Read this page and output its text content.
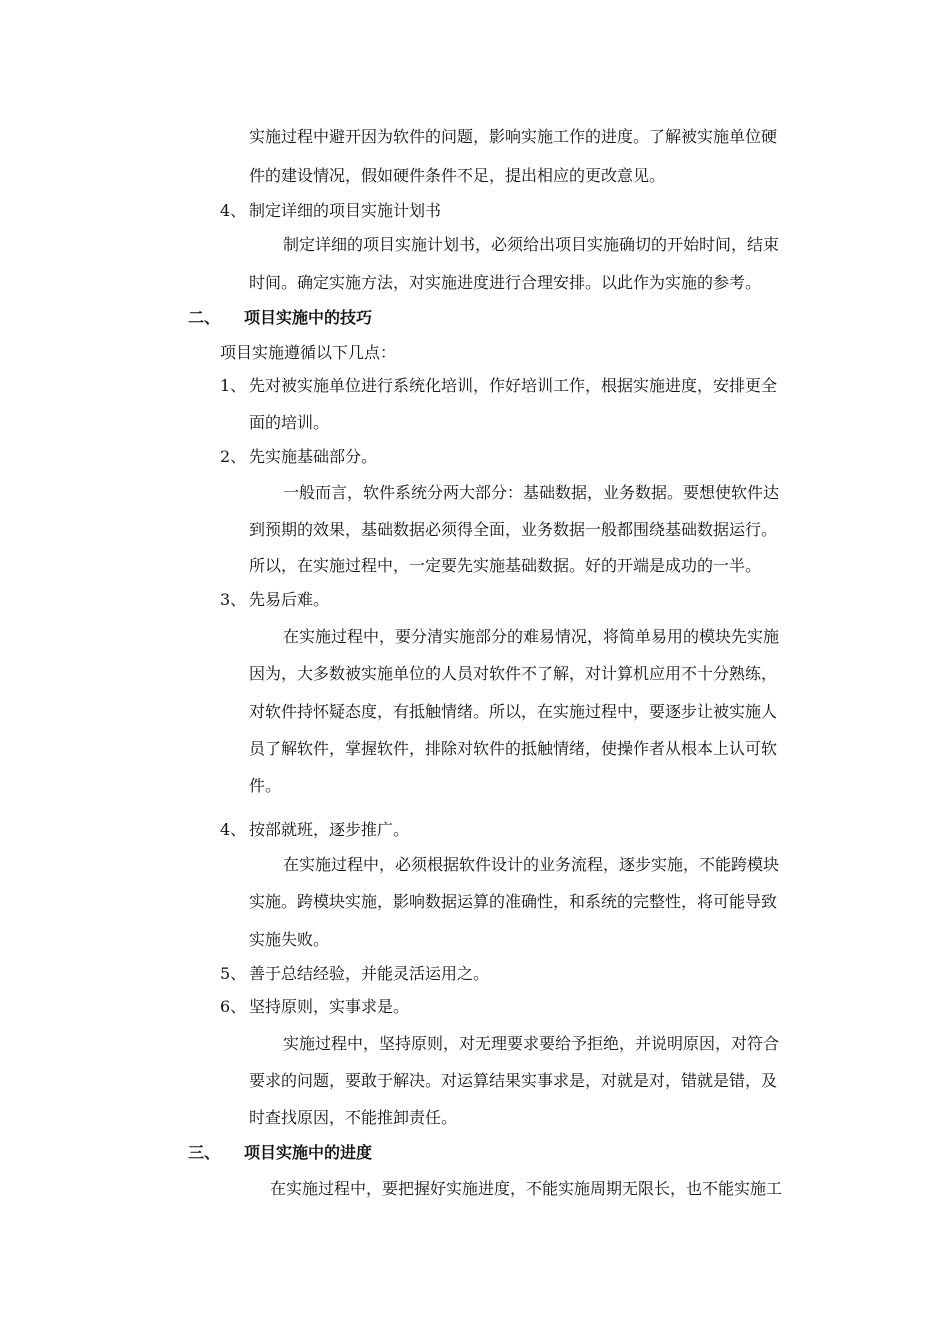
实施过程中避开因为软件的问题，影响实施工作的进度。了解被实施单位硬
件的建设情况，假如硬件条件不足，提出相应的更改意见。
4、 制定详细的项目实施计划书
制定详细的项目实施计划书，必须给出项目实施确切的开始时间，结束
时间。确定实施方法，对实施进度进行合理安排。以此作为实施的参考。
二、 项目实施中的技巧
项目实施遵循以下几点：
1、 先对被实施单位进行系统化培训，作好培训工作，根据实施进度，安排更全
面的培训。
2、 先实施基础部分。
一般而言，软件系统分两大部分：基础数据，业务数据。要想使软件达
到预期的效果，基础数据必须得全面，业务数据一般都围绕基础数据运行。
所以，在实施过程中，一定要先实施基础数据。好的开端是成功的一半。
3、 先易后难。
在实施过程中，要分清实施部分的难易情况，将简单易用的模块先实施
因为，大多数被实施单位的人员对软件不了解，对计算机应用不十分熟练，
对软件持怀疑态度，有抵触情绪。所以，在实施过程中，要逐步让被实施人
员了解软件，掌握软件，排除对软件的抵触情绪，使操作者从根本上认可软
件。
4、 按部就班，逐步推广。
在实施过程中，必须根据软件设计的业务流程，逐步实施，不能跨模块
实施。跨模块实施，影响数据运算的准确性，和系统的完整性，将可能导致
实施失败。
5、 善于总结经验，并能灵活运用之。
6、 坚持原则，实事求是。
实施过程中，坚持原则，对无理要求要给予拒绝，并说明原因，对符合
要求的问题，要敢于解决。对运算结果实事求是，对就是对，错就是错，及
时查找原因，不能推卸责任。
三、 项目实施中的进度
在实施过程中，要把握好实施进度，不能实施周期无限长，也不能实施工
